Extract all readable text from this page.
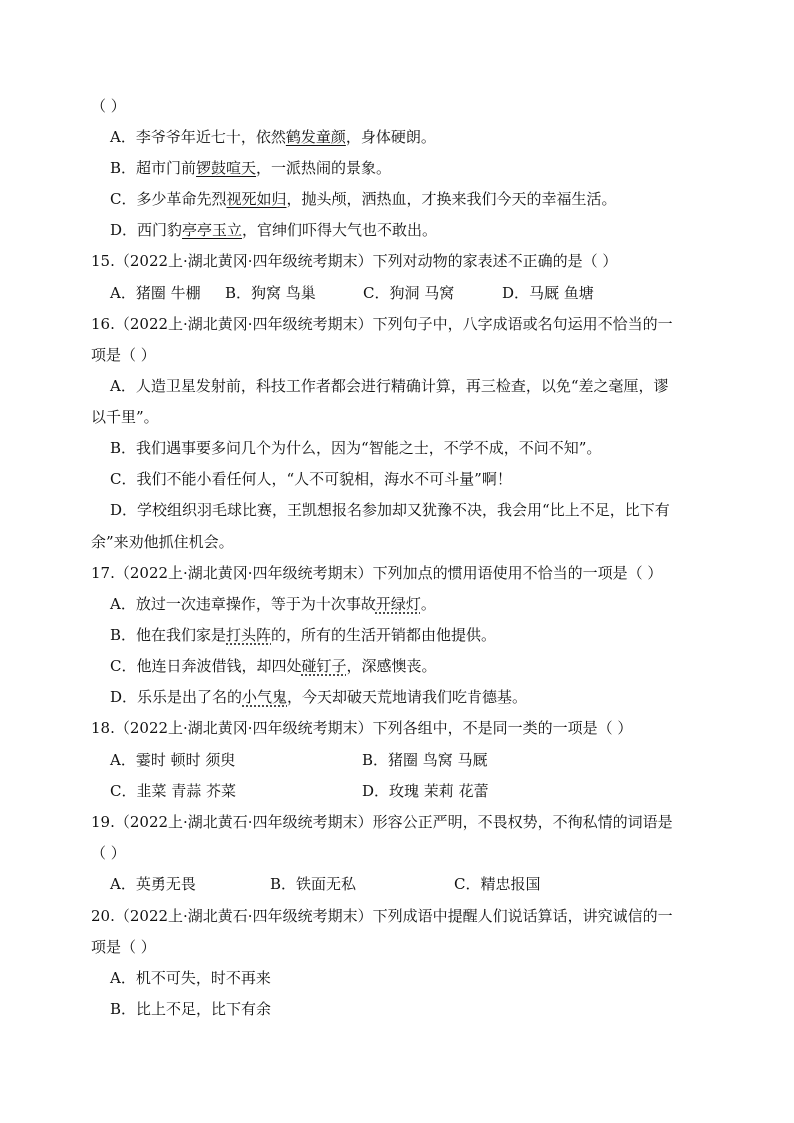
（ ）
A．李爷爷年近七十，依然鹤发童颜，身体硬朗。
B．超市门前锣鼓喧天，一派热闹的景象。
C．多少革命先烈视死如归，抛头颅，洒热血，才换来我们今天的幸福生活。
D．西门豹亭亭玉立，官绅们吓得大气也不敢出。
15.（2022上·湖北黄冈·四年级统考期末）下列对动物的家表述不正确的是（ ）
A．猪圈 牛棚 B．狗窝 鸟巢	C．狗洞 马窝	D．马厩 鱼塘
16.（2022上·湖北黄冈·四年级统考期末）下列句子中，八字成语或名句运用不恰当的一
项是（ ）
A．人造卫星发射前，科技工作者都会进行精确计算，再三检查，以免“差之毫厘，谬
以千里”。
B．我们遇事要多问几个为什么，因为“智能之士，不学不成，不问不知”。
C．我们不能小看任何人，“人不可貌相，海水不可斗量”啊！
D．学校组织羽毛球比赛，王凯想报名参加却又犹豫不决，我会用“比上不足，比下有
余”来劝他抓住机会。
17.（2022上·湖北黄冈·四年级统考期末）下列加点的惯用语使用不恰当的一项是（ ）
A．放过一次违章操作，等于为十次事故开绿灯。
B．他在我们家是打头阵的，所有的生活开销都由他提供。
C．他连日奔波借钱，却四处碰钉子，深感懊丧。
D．乐乐是出了名的小气鬼，今天却破天荒地请我们吃肯德基。
18.（2022上·湖北黄冈·四年级统考期末）下列各组中，不是同一类的一项是（ ）
A．霎时 顿时 须臾	B．猪圈 鸟窝 马厩
C．韭菜 青蒜 芥菜	D．玫瑰 茉莉 花蕾
19.（2022上·湖北黄石·四年级统考期末）形容公正严明，不畏权势，不徇私情的词语是
（ ）
A．英勇无畏	B．铁面无私	C．精忠报国
20.（2022上·湖北黄石·四年级统考期末）下列成语中提醒人们说话算话，讲究诚信的一
项是（ ）
A．机不可失，时不再来
B．比上不足，比下有余
